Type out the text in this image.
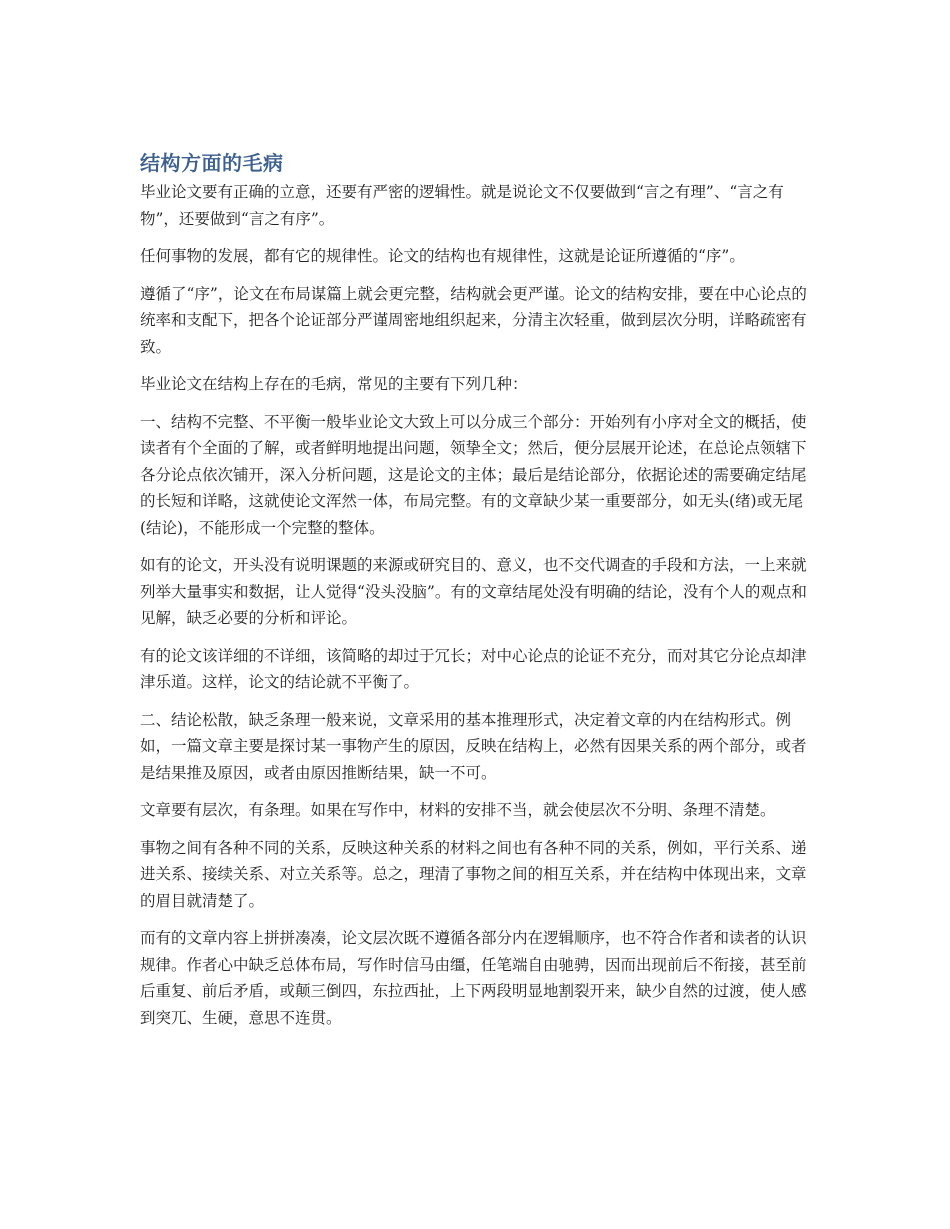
结构方面的毛病

毕业论文要有正确的立意，还要有严密的逻辑性。就是说论文不仅要做到“言之有理”、“言之有物”，还要做到“言之有序”。

任何事物的发展，都有它的规律性。论文的结构也有规律性，这就是论证所遵循的“序”。

遵循了“序”，论文在布局谋篇上就会更完整，结构就会更严谨。论文的结构安排，要在中心论点的统率和支配下，把各个论证部分严谨周密地组织起来，分清主次轻重，做到层次分明，详略疏密有致。

毕业论文在结构上存在的毛病，常见的主要有下列几种：

一、结构不完整、不平衡一般毕业论文大致上可以分成三个部分：开始列有小序对全文的概括，使读者有个全面的了解，或者鲜明地提出问题，领挚全文；然后，便分层展开论述，在总论点领辖下各分论点依次铺开，深入分析问题，这是论文的主体；最后是结论部分，依据论述的需要确定结尾的长短和详略，这就使论文浑然一体，布局完整。有的文章缺少某一重要部分，如无头(绪)或无尾(结论)，不能形成一个完整的整体。

如有的论文，开头没有说明课题的来源或研究目的、意义，也不交代调查的手段和方法，一上来就列举大量事实和数据，让人觉得“没头没脑”。有的文章结尾处没有明确的结论，没有个人的观点和见解，缺乏必要的分析和评论。

有的论文该详细的不详细，该简略的却过于冗长；对中心论点的论证不充分，而对其它分论点却津津乐道。这样，论文的结论就不平衡了。

二、结论松散，缺乏条理一般来说，文章采用的基本推理形式，决定着文章的内在结构形式。例如，一篇文章主要是探讨某一事物产生的原因，反映在结构上，必然有因果关系的两个部分，或者是结果推及原因，或者由原因推断结果，缺一不可。

文章要有层次，有条理。如果在写作中，材料的安排不当，就会使层次不分明、条理不清楚。

事物之间有各种不同的关系，反映这种关系的材料之间也有各种不同的关系，例如，平行关系、递进关系、接续关系、对立关系等。总之，理清了事物之间的相互关系，并在结构中体现出来，文章的眉目就清楚了。

而有的文章内容上拼拼凑凑，论文层次既不遵循各部分内在逻辑顺序，也不符合作者和读者的认识规律。作者心中缺乏总体布局，写作时信马由缰，任笔端自由驰骋，因而出现前后不衔接，甚至前后重复、前后矛盾，或颠三倒四，东拉西扯，上下两段明显地割裂开来，缺少自然的过渡，使人感到突兀、生硬，意思不连贯。
